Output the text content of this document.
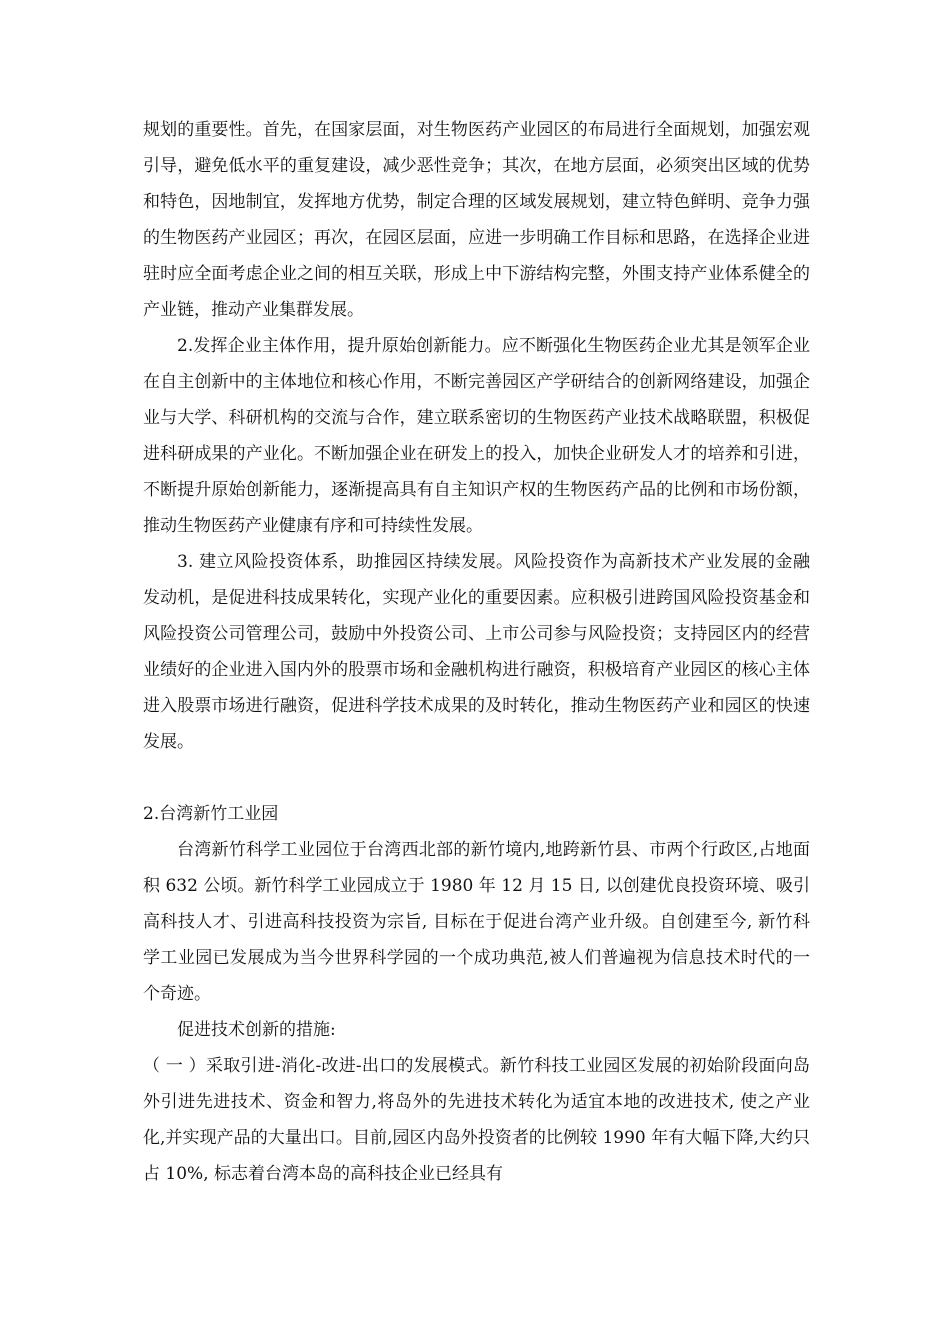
规划的重要性。首先，在国家层面，对生物医药产业园区的布局进行全面规划，加强宏观引导，避免低水平的重复建设，减少恶性竞争；其次，在地方层面，必须突出区域的优势和特色，因地制宜，发挥地方优势，制定合理的区域发展规划，建立特色鲜明、竞争力强的生物医药产业园区；再次，在园区层面，应进一步明确工作目标和思路，在选择企业进驻时应全面考虑企业之间的相互关联，形成上中下游结构完整，外围支持产业体系健全的产业链，推动产业集群发展。

2.发挥企业主体作用，提升原始创新能力。应不断强化生物医药企业尤其是领军企业在自主创新中的主体地位和核心作用，不断完善园区产学研结合的创新网络建设，加强企业与大学、科研机构的交流与合作，建立联系密切的生物医药产业技术战略联盟，积极促进科研成果的产业化。不断加强企业在研发上的投入，加快企业研发人才的培养和引进，不断提升原始创新能力，逐渐提高具有自主知识产权的生物医药产品的比例和市场份额，推动生物医药产业健康有序和可持续性发展。

3. 建立风险投资体系，助推园区持续发展。风险投资作为高新技术产业发展的金融发动机，是促进科技成果转化，实现产业化的重要因素。应积极引进跨国风险投资基金和风险投资公司管理公司，鼓励中外投资公司、上市公司参与风险投资；支持园区内的经营业绩好的企业进入国内外的股票市场和金融机构进行融资，积极培育产业园区的核心主体进入股票市场进行融资，促进科学技术成果的及时转化，推动生物医药产业和园区的快速发展。

2.台湾新竹工业园

台湾新竹科学工业园位于台湾西北部的新竹境内,地跨新竹县、市两个行政区,占地面积 632 公顷。新竹科学工业园成立于 1980 年 12 月 15 日, 以创建优良投资环境、吸引高科技人才、引进高科技投资为宗旨, 目标在于促进台湾产业升级。自创建至今, 新竹科学工业园已发展成为当今世界科学园的一个成功典范,被人们普遍视为信息技术时代的一个奇迹。

促进技术创新的措施:

（ 一 ）采取引进-消化-改进-出口的发展模式。新竹科技工业园区发展的初始阶段面向岛外引进先进技术、资金和智力,将岛外的先进技术转化为适宜本地的改进技术, 使之产业化,并实现产品的大量出口。目前,园区内岛外投资者的比例较 1990 年有大幅下降,大约只占 10%, 标志着台湾本岛的高科技企业已经具有
